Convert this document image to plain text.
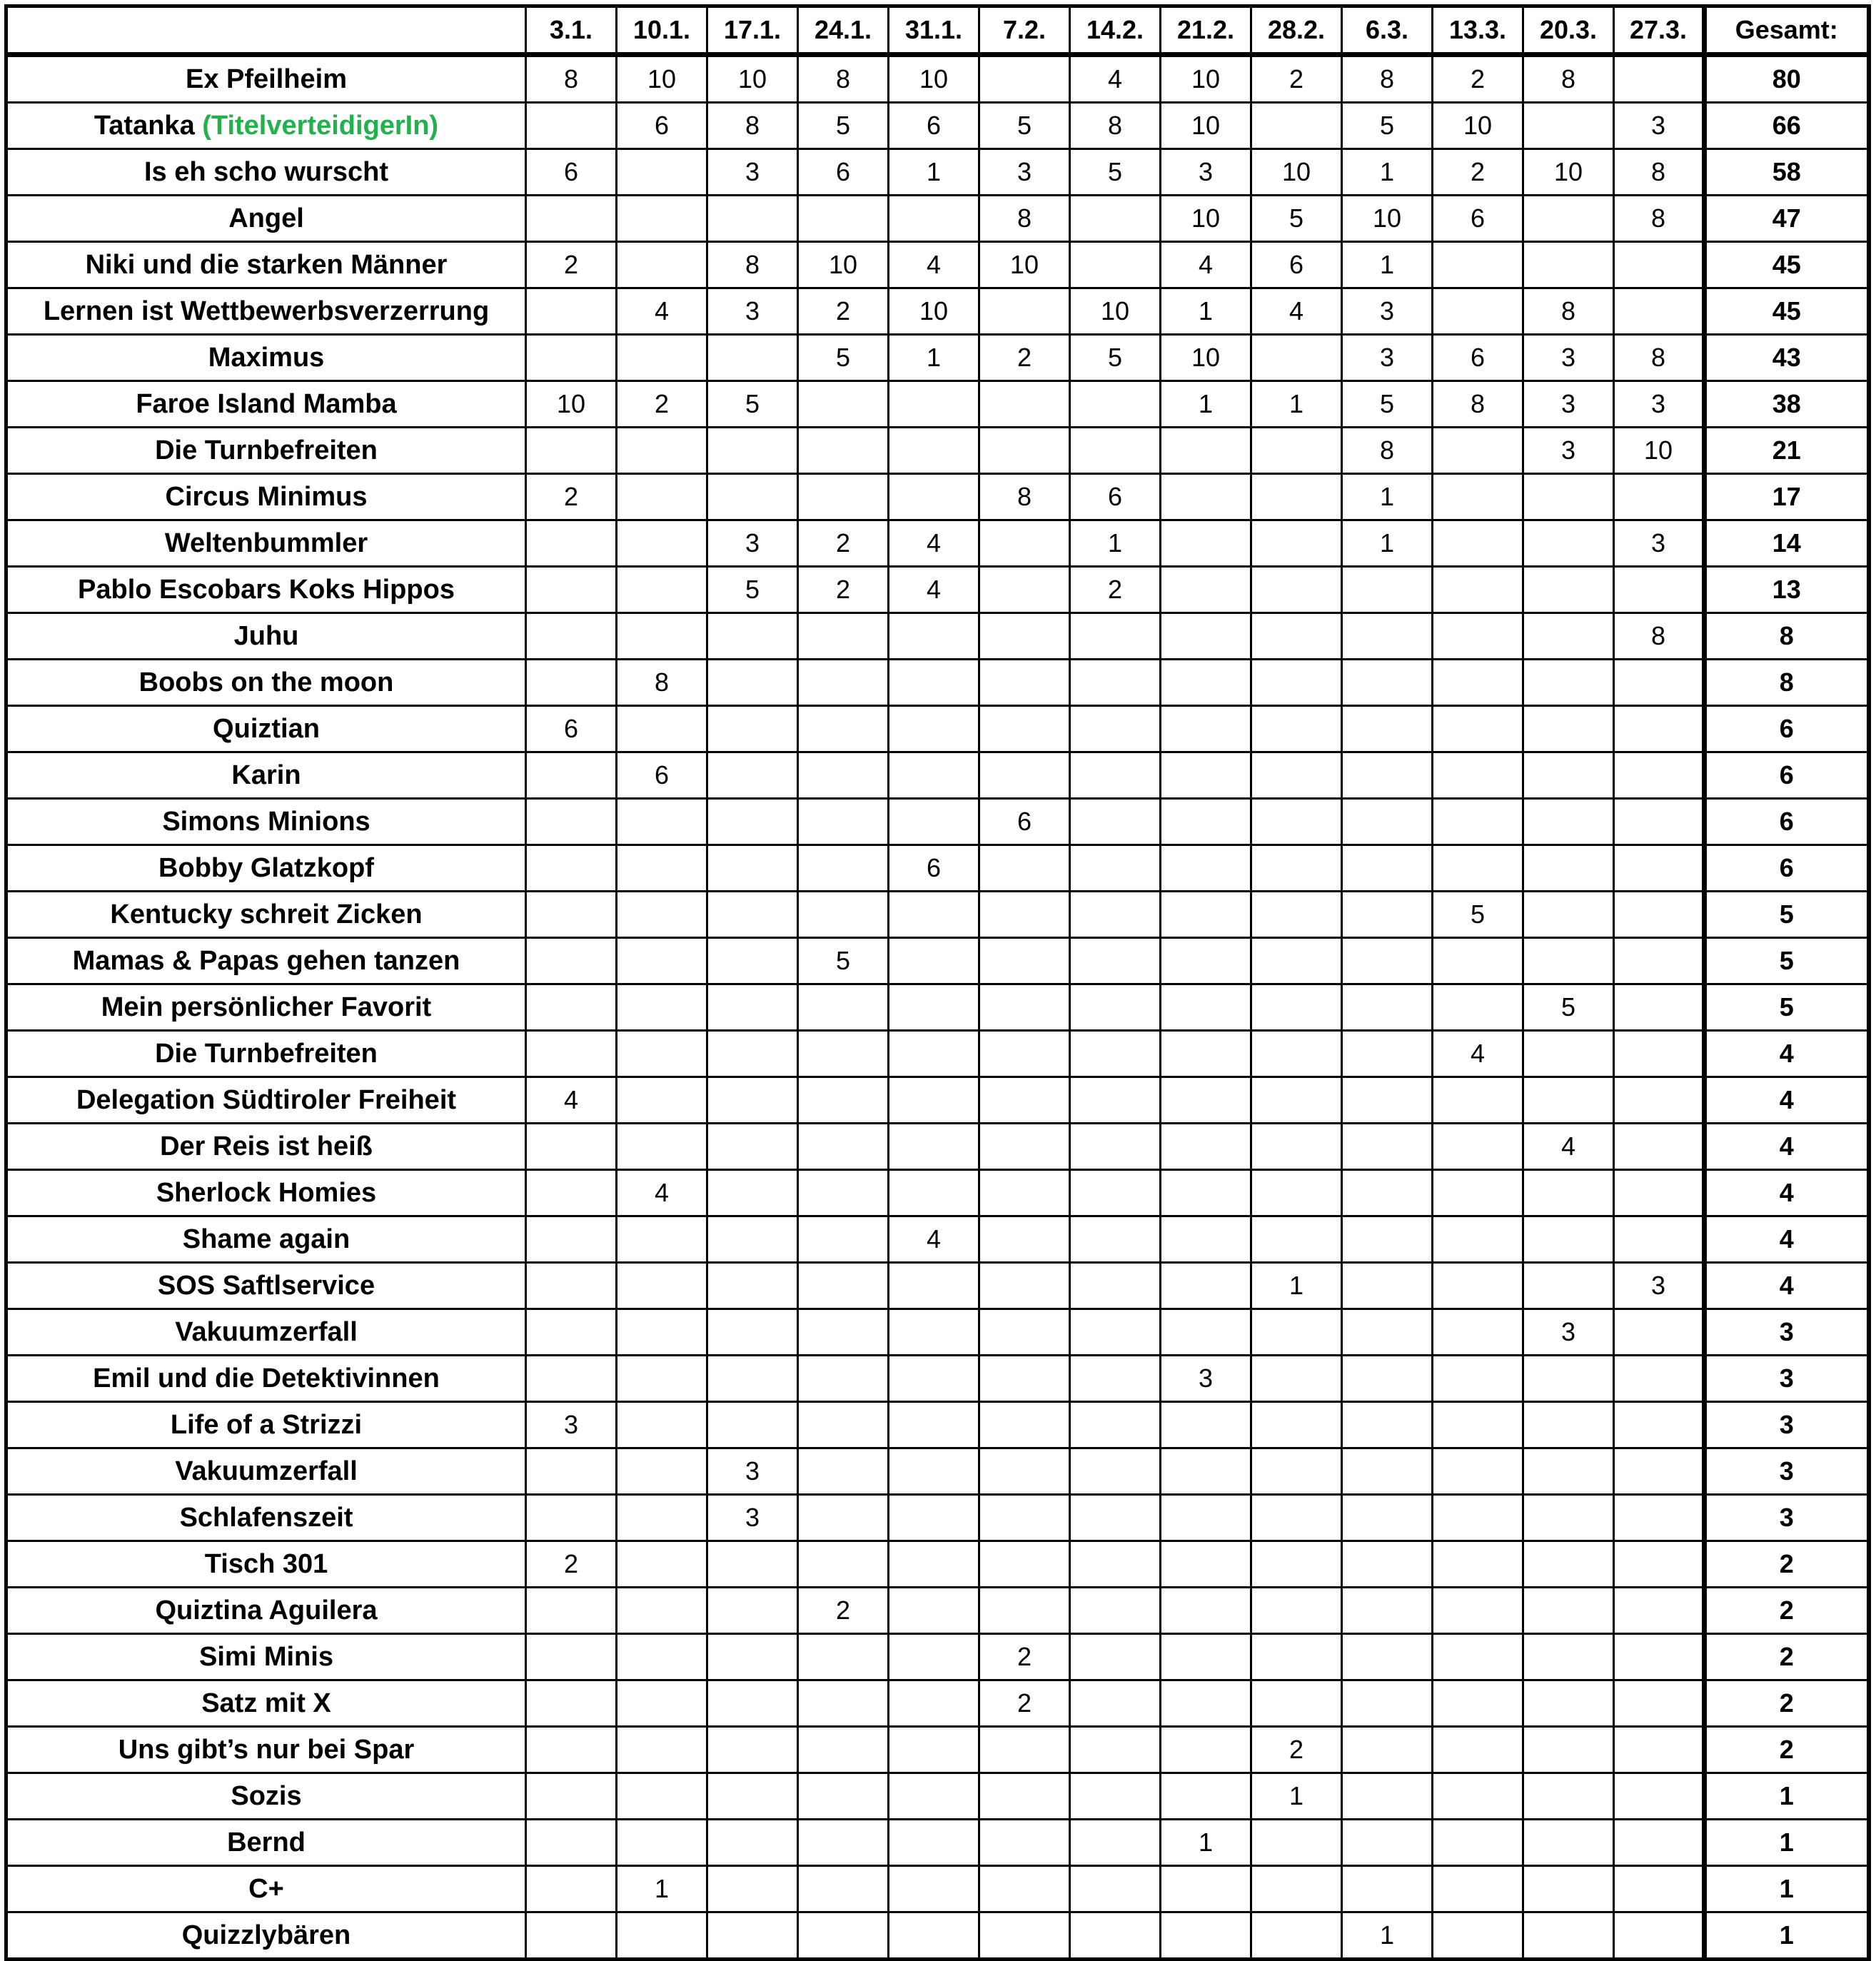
	3.1.	10.1.	17.1.	24.1.	31.1.	7.2.	14.2.	21.2.	28.2.	6.3.	13.3.	20.3.	27.3.	Gesamt:
Ex Pfeilheim	8	10	10	8	10		4	10	2	8	2	8		80
Tatanka (TitelverteidigerIn)		6	8	5	6	5	8	10		5	10		3	66
Is eh scho wurscht	6		3	6	1	3	5	3	10	1	2	10	8	58
Angel						8		10	5	10	6		8	47
Niki und die starken Männer	2		8	10	4	10		4	6	1				45
Lernen ist Wettbewerbsverzerrung		4	3	2	10		10	1	4	3		8		45
Maximus				5	1	2	5	10		3	6	3	8	43
Faroe Island Mamba	10	2	5					1	1	5	8	3	3	38
Die Turnbefreiten										8		3	10	21
Circus Minimus	2					8	6			1				17
Weltenbummler			3	2	4		1			1			3	14
Pablo Escobars Koks Hippos			5	2	4		2							13
Juhu													8	8
Boobs on the moon		8												8
Quiztian	6													6
Karin		6												6
Simons Minions						6								6
Bobby Glatzkopf					6									6
Kentucky schreit Zicken											5			5
Mamas & Papas gehen tanzen				5										5
Mein persönlicher Favorit												5		5
Die Turnbefreiten											4			4
Delegation Südtiroler Freiheit	4													4
Der Reis ist heiß												4		4
Sherlock Homies		4												4
Shame again					4									4
SOS Saftlservice									1				3	4
Vakuumzerfall												3		3
Emil und die Detektivinnen								3						3
Life of a Strizzi	3													3
Vakuumzerfall			3											3
Schlafenszeit			3											3
Tisch 301	2													2
Quiztina Aguilera				2										2
Simi Minis						2								2
Satz mit X						2								2
Uns gibt’s nur bei Spar									2					2
Sozis									1					1
Bernd								1						1
C+		1												1
Quizzlybären										1				1
